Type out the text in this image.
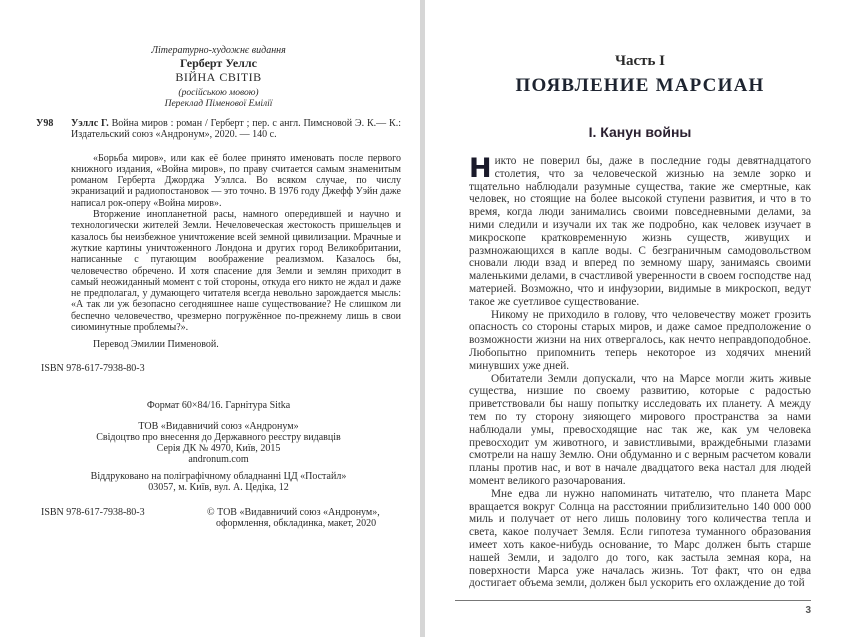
Літературно-художнє видання
Герберт Уеллс
ВІЙНА СВІТІВ
(російською мовою)
Переклад Піменової Емілії
У98	Уэллс Г. Война миров : роман / Герберт ; пер. с англ. Пимсновой Э. К.— К.: Издательский союз «Андронум», 2020. — 140 с.

«Борьба миров», или как её более принято именовать после первого книжного издания, «Война миров», по праву считается самым знаменитым романом Герберта Джорджа Уэллса. Во всяком случае, по числу экранизаций и радиопостановок — это точно. В 1976 году Джефф Уэйн даже написал рок-оперу «Война миров».

Вторжение инопланетной расы, намного опередившей и научно и технологически жителей Земли. Нечеловеческая жестокость пришельцев и казалось бы неизбежное уничтожение всей земной цивилизации. Мрачные и жуткие картины уничтоженного Лондона и других город Великобритании, написанные с пугающим воображение реализмом. Казалось бы, человечество обречено. И хотя спасение для Земли и землян приходит в самый неожиданный момент с той стороны, откуда его никто не ждал и даже не предполагал, у думающего читателя всегда невольно зарождается мысль: «А так ли уж безопасно сегодняшнее наше существование? Не слишком ли беспечно человечество, чрезмерно погружённое по-прежнему лишь в свои сиюминутные проблемы?».

Перевод Эмилии Пименовой.
ISBN 978-617-7938-80-3
Формат 60×84/16. Гарнітура Sitka
ТОВ «Видавничий союз «Андронум»
Свідоцтво про внесення до Державного реєстру видавців
Серія ДК № 4970, Київ, 2015
andronum.com
Віддруковано на поліграфічному обладнанні ЦД «Постайл»
03057, м. Київ, вул. А. Цедіка, 12
ISBN 978-617-7938-80-3	© ТОВ «Видавничий союз «Андронум»,
оформлення, обкладинка, макет, 2020
Часть I
ПОЯВЛЕНИЕ МАРСИАН
I. Канун войны

Никто не поверил бы, даже в последние годы девятнадцатого столетия, что за человеческой жизнью на земле зорко и тщательно наблюдали разумные существа, такие же смертные, как человек, но стоящие на более высокой ступени развития, и что в то время, когда люди занимались своими повседневными делами, за ними следили и изучали их так же подробно, как человек изучает в микроскопе кратковременную жизнь существ, живущих и размножающихся в капле воды. С безграничным самодовольством сновали люди взад и вперед по земному шару, занимаясь своими маленькими делами, в счастливой уверенности в своем господстве над материей. Возможно, что и инфузории, видимые в микроскоп, ведут такое же суетливое существование.

Никому не приходило в голову, что человечеству может грозить опасность со стороны старых миров, и даже самое предположение о возможности жизни на них отвергалось, как нечто неправдоподобное. Любопытно припомнить теперь некоторое из ходячих мнений минувших уже дней.

Обитатели Земли допускали, что на Марсе могли жить живые существа, низшие по своему развитию, которые с радостью приветствовали бы нашу попытку исследовать их планету. А между тем по ту сторону зияющего мирового пространства за нами наблюдали умы, превосходящие нас так же, как ум человека превосходит ум животного, и завистливыми, враждебными глазами смотрели на нашу Землю. Они обдуманно и с верным расчетом ковали планы против нас, и вот в начале двадцатого века настал для людей момент великого разочарования.

Мне едва ли нужно напоминать читателю, что планета Марс вращается вокруг Солнца на расстоянии приблизительно 140 000 000 миль и получает от него лишь половину того количества тепла и света, какое получает Земля. Если гипотеза туманного образования имеет хоть какое-нибудь основание, то Марс должен быть старше нашей Земли, и задолго до того, как застыла земная кора, на поверхности Марса уже началась жизнь. Тот факт, что он едва достигает объема земли, должен был ускорить его охлаждение до той

3
